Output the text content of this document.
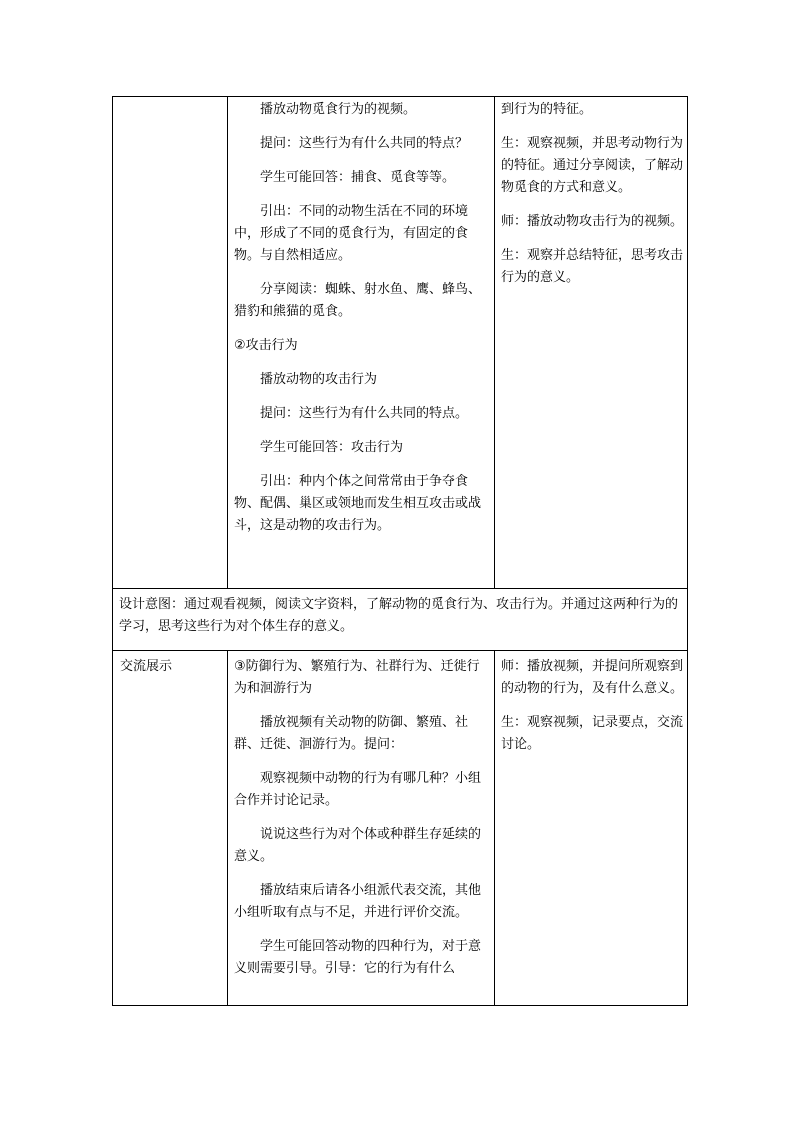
播放动物觅食行为的视频。

提问：这些行为有什么共同的特点？

学生可能回答：捕食、觅食等等。

引出：不同的动物生活在不同的环境中，形成了不同的觅食行为，有固定的食物。与自然相适应。

分享阅读：蜘蛛、射水鱼、鹰、蜂鸟、猎豹和熊猫的觅食。

②攻击行为

播放动物的攻击行为

提问：这些行为有什么共同的特点。

学生可能回答：攻击行为

引出：种内个体之间常常由于争夺食物、配偶、巢区或领地而发生相互攻击或战斗，这是动物的攻击行为。

到行为的特征。

生：观察视频，并思考动物行为的特征。通过分享阅读，了解动物觅食的方式和意义。

师：播放动物攻击行为的视频。

生：观察并总结特征，思考攻击行为的意义。

设计意图：通过观看视频，阅读文字资料，了解动物的觅食行为、攻击行为。并通过这两种行为的学习，思考这些行为对个体生存的意义。
交流展示	③防御行为、繁殖行为、社群行为、迁徙行为和洄游行为

播放视频有关动物的防御、繁殖、社群、迁徙、洄游行为。提问：

观察视频中动物的行为有哪几种？小组合作并讨论记录。

说说这些行为对个体或种群生存延续的意义。

播放结束后请各小组派代表交流，其他小组听取有点与不足，并进行评价交流。

学生可能回答动物的四种行为，对于意义则需要引导。引导：它的行为有什么

师：播放视频，并提问所观察到的动物的行为，及有什么意义。

生：观察视频，记录要点，交流讨论。
